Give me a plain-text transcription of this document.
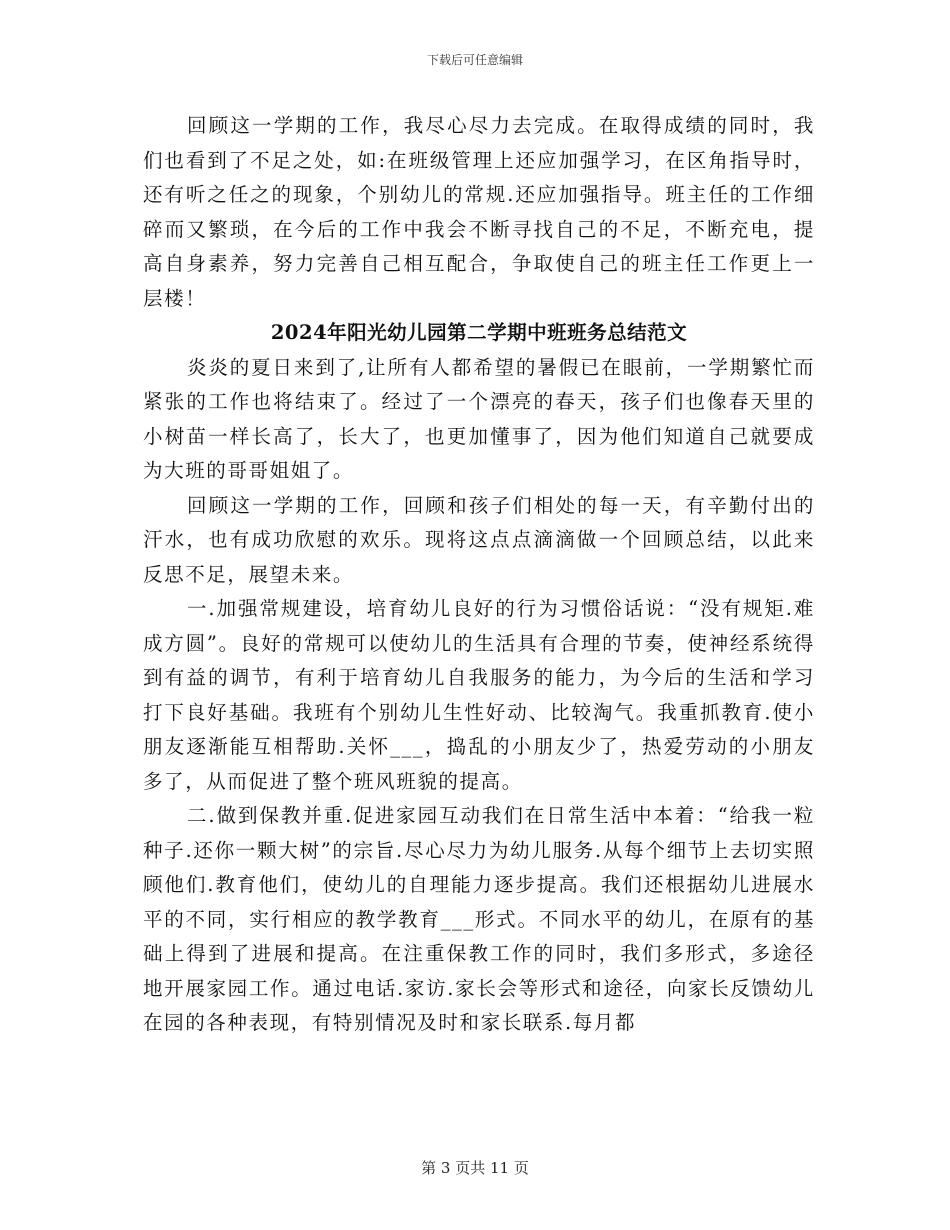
下载后可任意编辑

回顾这一学期的工作，我尽心尽力去完成。在取得成绩的同时，我们也看到了不足之处，如:在班级管理上还应加强学习，在区角指导时，还有听之任之的现象，个别幼儿的常规.还应加强指导。班主任的工作细碎而又繁琐，在今后的工作中我会不断寻找自己的不足，不断充电，提高自身素养，努力完善自己相互配合，争取使自己的班主任工作更上一层楼！

2024年阳光幼儿园第二学期中班班务总结范文

炎炎的夏日来到了,让所有人都希望的暑假已在眼前，一学期繁忙而紧张的工作也将结束了。经过了一个漂亮的春天，孩子们也像春天里的小树苗一样长高了，长大了，也更加懂事了，因为他们知道自己就要成为大班的哥哥姐姐了。

回顾这一学期的工作，回顾和孩子们相处的每一天，有辛勤付出的汗水，也有成功欣慰的欢乐。现将这点点滴滴做一个回顾总结，以此来反思不足，展望未来。

一.加强常规建设，培育幼儿良好的行为习惯俗话说：“没有规矩.难成方圆”。良好的常规可以使幼儿的生活具有合理的节奏，使神经系统得到有益的调节，有利于培育幼儿自我服务的能力，为今后的生活和学习打下良好基础。我班有个别幼儿生性好动、比较淘气。我重抓教育.使小朋友逐渐能互相帮助.关怀___，捣乱的小朋友少了，热爱劳动的小朋友多了，从而促进了整个班风班貌的提高。

二.做到保教并重.促进家园互动我们在日常生活中本着：“给我一粒种子.还你一颗大树”的宗旨.尽心尽力为幼儿服务.从每个细节上去切实照顾他们.教育他们，使幼儿的自理能力逐步提高。我们还根据幼儿进展水平的不同，实行相应的教学教育___形式。不同水平的幼儿，在原有的基础上得到了进展和提高。在注重保教工作的同时，我们多形式，多途径地开展家园工作。通过电话.家访.家长会等形式和途径，向家长反馈幼儿在园的各种表现，有特别情况及时和家长联系.每月都

第 3 页共 11 页
